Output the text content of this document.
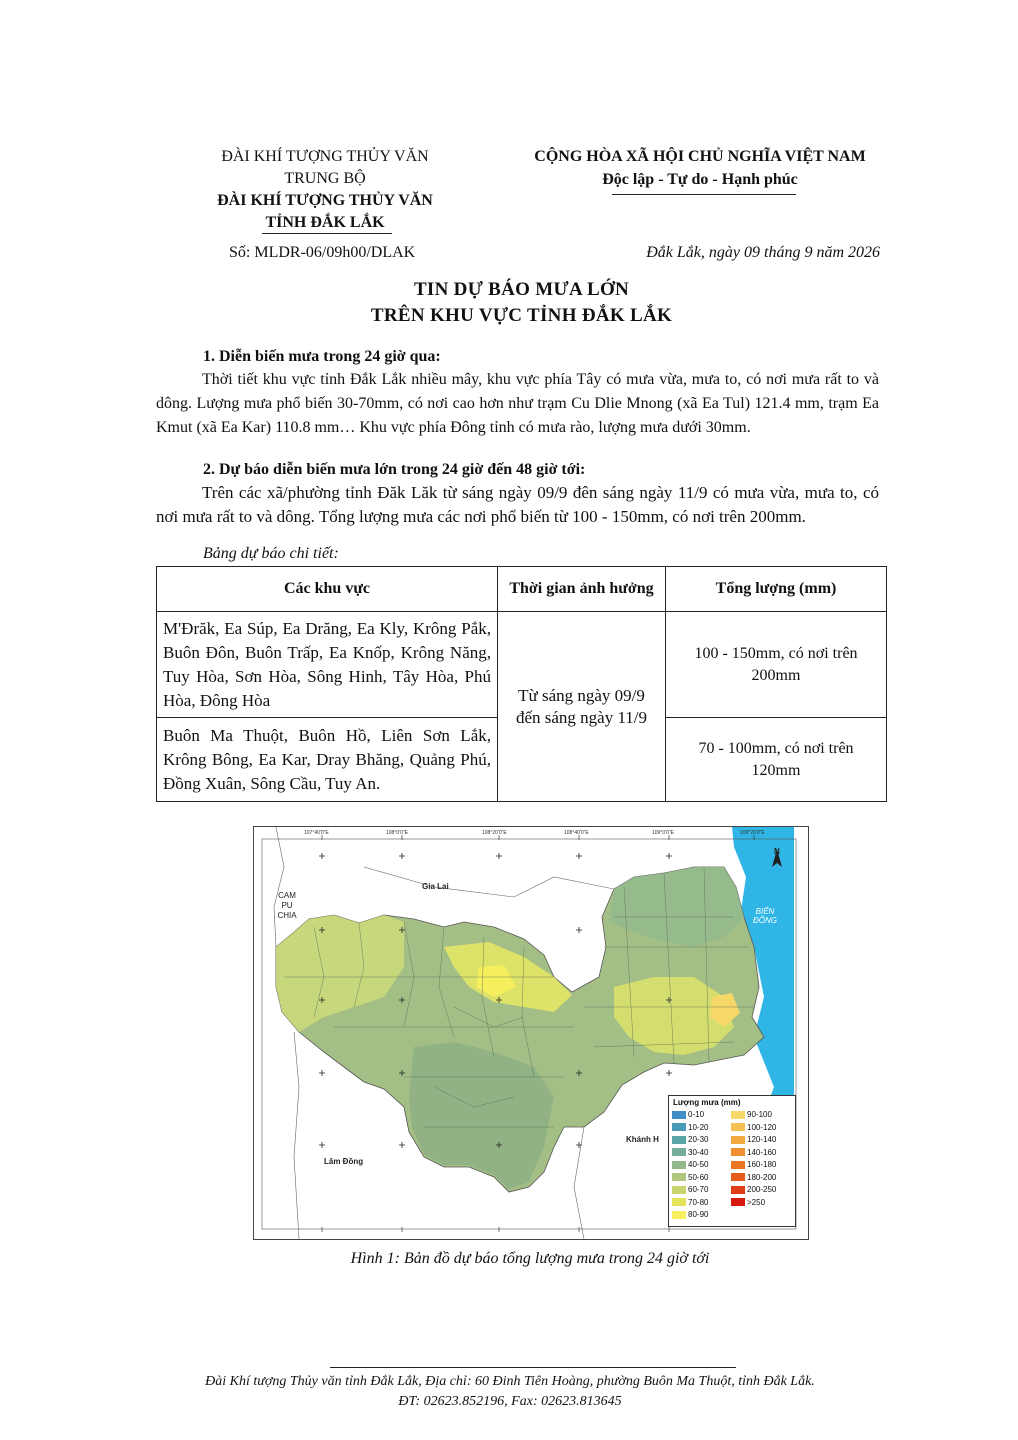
ĐÀI KHÍ TƯỢNG THỦY VĂN
TRUNG BỘ
ĐÀI KHÍ TƯỢNG THỦY VĂN
TỈNH ĐẮK LẮK
CỘNG HÒA XÃ HỘI CHỦ NGHĨA VIỆT NAM
Độc lập - Tự do - Hạnh phúc
Số: MLDR-06/09h00/DLAK	Đắk Lắk, ngày 09 tháng 9 năm 2026
TIN DỰ BÁO MƯA LỚN
TRÊN KHU VỰC TỈNH ĐẮK LẮK
1. Diễn biến mưa trong 24 giờ qua:
Thời tiết khu vực tỉnh Đắk Lắk nhiều mây, khu vực phía Tây có mưa vừa, mưa to, có nơi mưa rất to và dông. Lượng mưa phổ biến 30-70mm, có nơi cao hơn như trạm Cu Dlie Mnong (xã Ea Tul) 121.4 mm, trạm Ea Kmut (xã Ea Kar) 110.8 mm… Khu vực phía Đông tỉnh có mưa rào, lượng mưa dưới 30mm.
2. Dự báo diễn biến mưa lớn trong 24 giờ đến 48 giờ tới:
Trên các xã/phường tỉnh Đăk Lăk từ sáng ngày 09/9 đên sáng ngày 11/9 có mưa vừa, mưa to, có nơi mưa rất to và dông. Tổng lượng mưa các nơi phổ biến từ 100 - 150mm, có nơi trên 200mm.
Bảng dự báo chi tiết:
Các khu vực	Thời gian ảnh hưởng	Tổng lượng (mm)
M'Đrăk, Ea Súp, Ea Drăng, Ea Kly, Krông Pắk, Buôn Đôn, Buôn Trấp, Ea Knốp, Krông Năng, Tuy Hòa, Sơn Hòa, Sông Hinh, Tây Hòa, Phú Hòa, Đông Hòa	Từ sáng ngày 09/9 đến sáng ngày 11/9	100 - 150mm, có nơi trên 200mm
Buôn Ma Thuột, Buôn Hồ, Liên Sơn Lắk, Krông Bông, Ea Kar, Dray Bhăng, Quảng Phú, Đồng Xuân, Sông Cầu, Tuy An.		70 - 100mm, có nơi trên 120mm
107°40'0"E	108°0'0"E	108°20'0"E	108°40'0"E	109°0'0"E	109°20'0"E
Gia Lai
CAM PU CHIA
Lâm Đồng
Khánh H
BIỂN ĐÔNG
N
Lượng mưa (mm)
0-10
10-20
20-30
30-40
40-50
50-60
60-70
70-80
80-90
90-100
100-120
120-140
140-160
160-180
180-200
200-250
>250
Hình 1: Bản đồ dự báo tổng lượng mưa trong 24 giờ tới
Đài Khí tượng Thủy văn tỉnh Đắk Lắk, Địa chỉ: 60 Đinh Tiên Hoàng, phường Buôn Ma Thuột, tỉnh Đắk Lắk.
ĐT: 02623.852196, Fax: 02623.813645
